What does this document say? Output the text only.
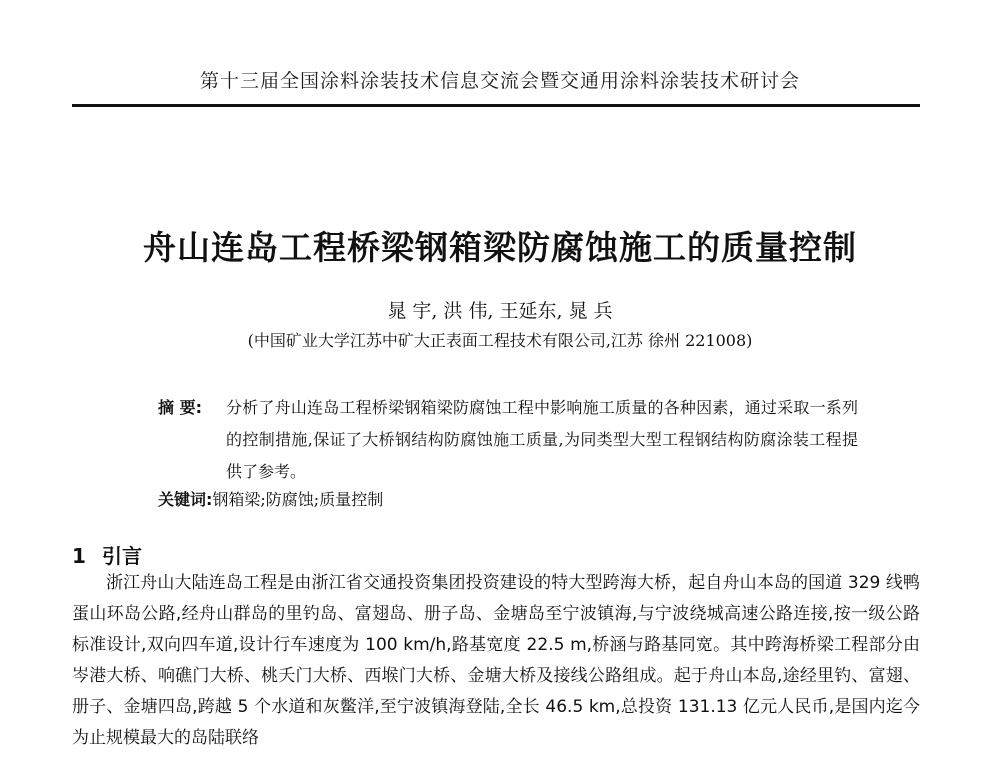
第十三届全国涂料涂装技术信息交流会暨交通用涂料涂装技术研讨会
舟山连岛工程桥梁钢箱梁防腐蚀施工的质量控制
晁 宇, 洪 伟, 王延东, 晁 兵
(中国矿业大学江苏中矿大正表面工程技术有限公司,江苏 徐州 221008)
摘 要:	分析了舟山连岛工程桥梁钢箱梁防腐蚀工程中影响施工质量的各种因素，通过采取一系列的控制措施,保证了大桥钢结构防腐蚀施工质量,为同类型大型工程钢结构防腐涂装工程提供了参考。
关键词:钢箱梁;防腐蚀;质量控制
1 引言
浙江舟山大陆连岛工程是由浙江省交通投资集团投资建设的特大型跨海大桥，起自舟山本岛的国道 329 线鸭蛋山环岛公路,经舟山群岛的里钓岛、富翅岛、册子岛、金塘岛至宁波镇海,与宁波绕城高速公路连接,按一级公路标准设计,双向四车道,设计行车速度为 100 km/h,路基宽度 22.5 m,桥涵与路基同宽。其中跨海桥梁工程部分由岑港大桥、响礁门大桥、桃夭门大桥、西堠门大桥、金塘大桥及接线公路组成。起于舟山本岛,途经里钓、富翅、册子、金塘四岛,跨越 5 个水道和灰鳖洋,至宁波镇海登陆,全长 46.5 km,总投资 131.13 亿元人民币,是国内迄今为止规模最大的岛陆联络
